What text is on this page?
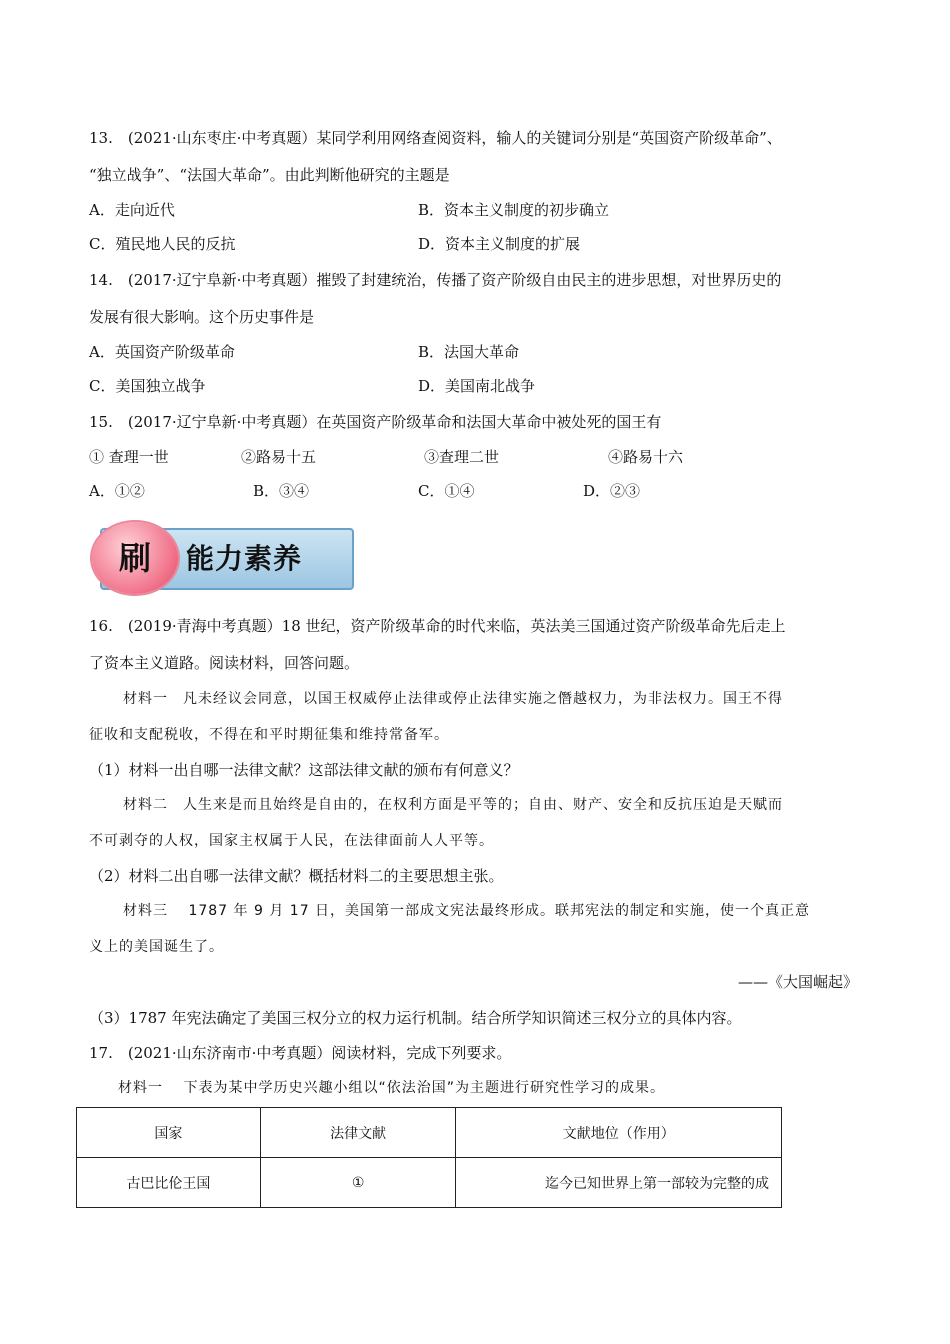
13.　(2021·山东枣庄·中考真题）某同学利用网络查阅资料，输人的关键词分别是“英国资产阶级革命”、
“独立战争”、“法国大革命”。由此判断他研究的主题是
A．走向近代	B．资本主义制度的初步确立
C．殖民地人民的反抗	D．资本主义制度的扩展
14.　(2017·辽宁阜新·中考真题）摧毁了封建统治，传播了资产阶级自由民主的进步思想，对世界历史的
发展有很大影响。这个历史事件是
A．英国资产阶级革命	B．法国大革命
C．美国独立战争	D．美国南北战争
15.　(2017·辽宁阜新·中考真题）在英国资产阶级革命和法国大革命中被处死的国王有
① 查理一世	②路易十五	③查理二世	④路易十六
A．①②	B．③④	C．①④	D．②③
刷	能力素养
16.　(2019·青海中考真题）18 世纪，资产阶级革命的时代来临，英法美三国通过资产阶级革命先后走上
了资本主义道路。阅读材料，回答问题。
材料一　凡未经议会同意，以国王权威停止法律或停止法律实施之僭越权力，为非法权力。国王不得
征收和支配税收，不得在和平时期征集和维持常备军。
（1）材料一出自哪一法律文献？这部法律文献的颁布有何意义？
材料二　人生来是而且始终是自由的，在权利方面是平等的；自由、财产、安全和反抗压迫是天赋而
不可剥夺的人权，国家主权属于人民，在法律面前人人平等。
（2）材料二出自哪一法律文献？概括材料二的主要思想主张。
材料三　 1787 年 9 月 17 日，美国第一部成文宪法最终形成。联邦宪法的制定和实施，使一个真正意
义上的美国诞生了。
——《大国崛起》
（3）1787 年宪法确定了美国三权分立的权力运行机制。结合所学知识简述三权分立的具体内容。
17.　(2021·山东济南市·中考真题）阅读材料，完成下列要求。
材料一　 下表为某中学历史兴趣小组以“依法治国”为主题进行研究性学习的成果。
国家	法律文献	文献地位（作用）
古巴比伦王国	①	迄今已知世界上第一部较为完整的成
